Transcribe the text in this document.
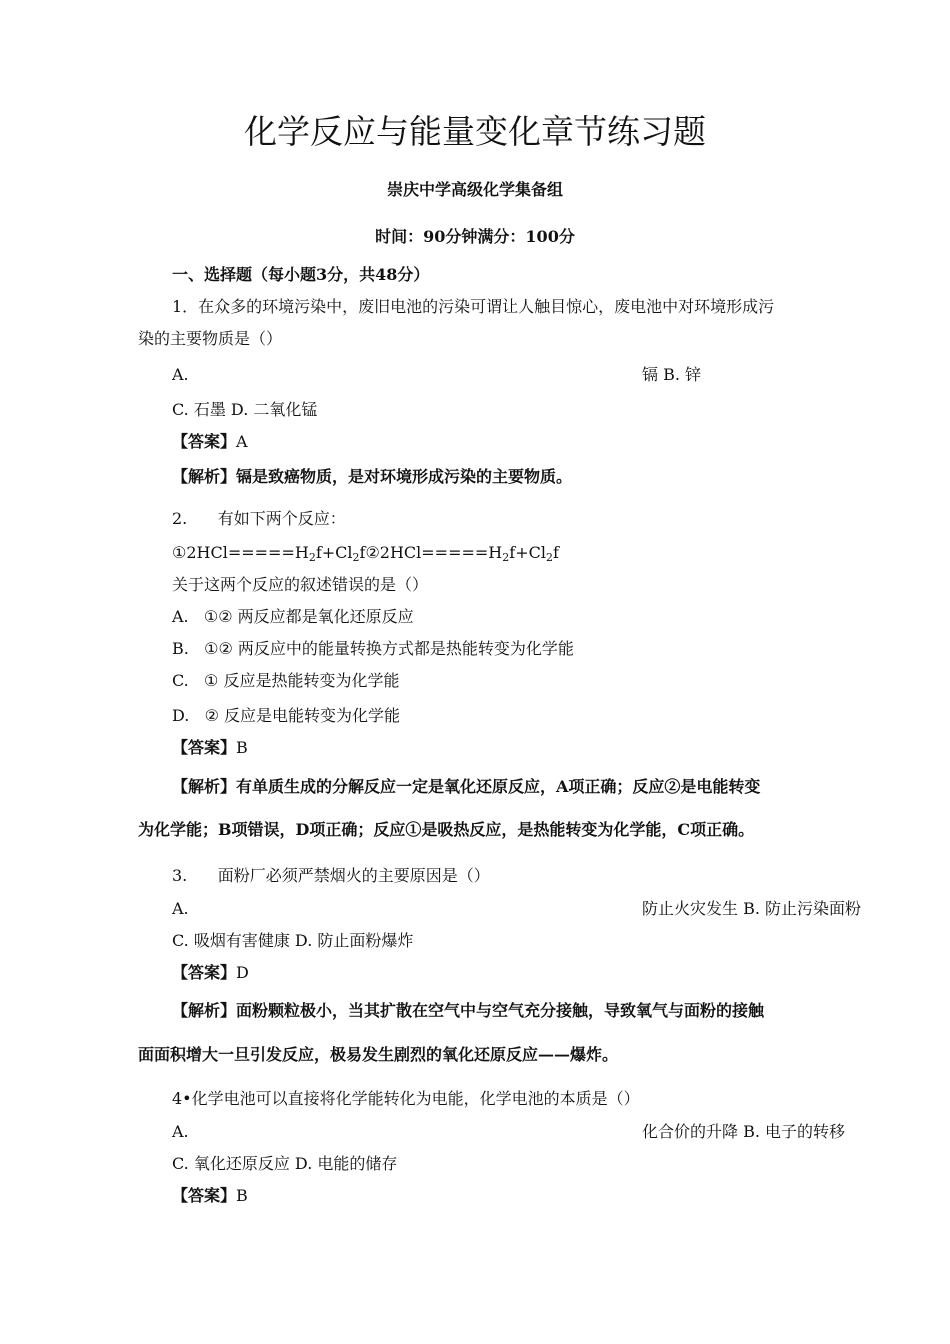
化学反应与能量变化章节练习题
崇庆中学高级化学集备组
时间：90分钟满分：100分
一、选择题（每小题3分，共48分）
1．在众多的环境污染中，废旧电池的污染可谓让人触目惊心，废电池中对环境形成污
染的主要物质是（）
A.	镉 B. 锌
C. 石墨 D. 二氧化锰
【答案】A
【解析】镉是致癌物质，是对环境形成污染的主要物质。
2.      有如下两个反应：
$①2HCl=====H_2f+Cl_2f②2HCl=====H_2f+Cl_2f$
关于这两个反应的叙述错误的是（）
A.   ①② 两反应都是氧化还原反应
B.   ①② 两反应中的能量转换方式都是热能转变为化学能
C.   ① 反应是热能转变为化学能
D.   ② 反应是电能转变为化学能
【答案】B
【解析】有单质生成的分解反应一定是氧化还原反应，A项正确；反应②是电能转变
为化学能；B项错误，D项正确；反应①是吸热反应，是热能转变为化学能，C项正确。
3.      面粉厂必须严禁烟火的主要原因是（）
A.	防止火灾发生 B. 防止污染面粉
C. 吸烟有害健康 D. 防止面粉爆炸
【答案】D
【解析】面粉颗粒极小，当其扩散在空气中与空气充分接触，导致氧气与面粉的接触
面面积增大一旦引发反应，极易发生剧烈的氧化还原反应——爆炸。
4•化学电池可以直接将化学能转化为电能，化学电池的本质是（）
A.	化合价的升降 B. 电子的转移
C. 氧化还原反应 D. 电能的储存
【答案】B
